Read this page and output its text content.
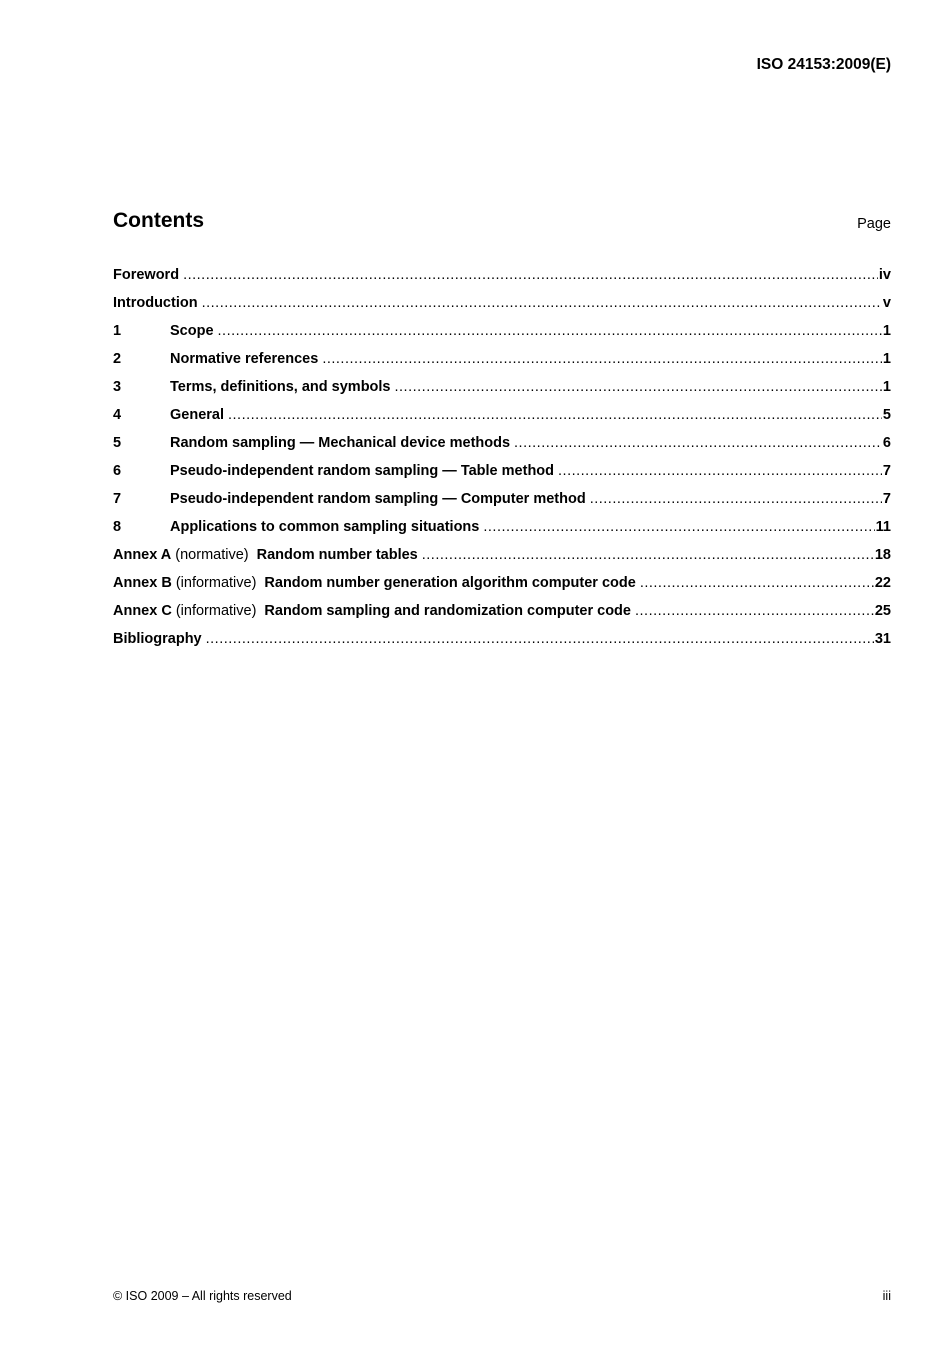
ISO 24153:2009(E)
Contents	Page
Foreword .....	iv
Introduction .....	v
1	Scope .....	1
2	Normative references .....	1
3	Terms, definitions, and symbols .....	1
4	General .....	5
5	Random sampling — Mechanical device methods .....	6
6	Pseudo-independent random sampling — Table method .....	7
7	Pseudo-independent random sampling — Computer method .....	7
8	Applications to common sampling situations .....	11
Annex A (normative) Random number tables .....	18
Annex B (informative) Random number generation algorithm computer code .....	22
Annex C (informative) Random sampling and randomization computer code .....	25
Bibliography .....	31
© ISO 2009 – All rights reserved	iii
